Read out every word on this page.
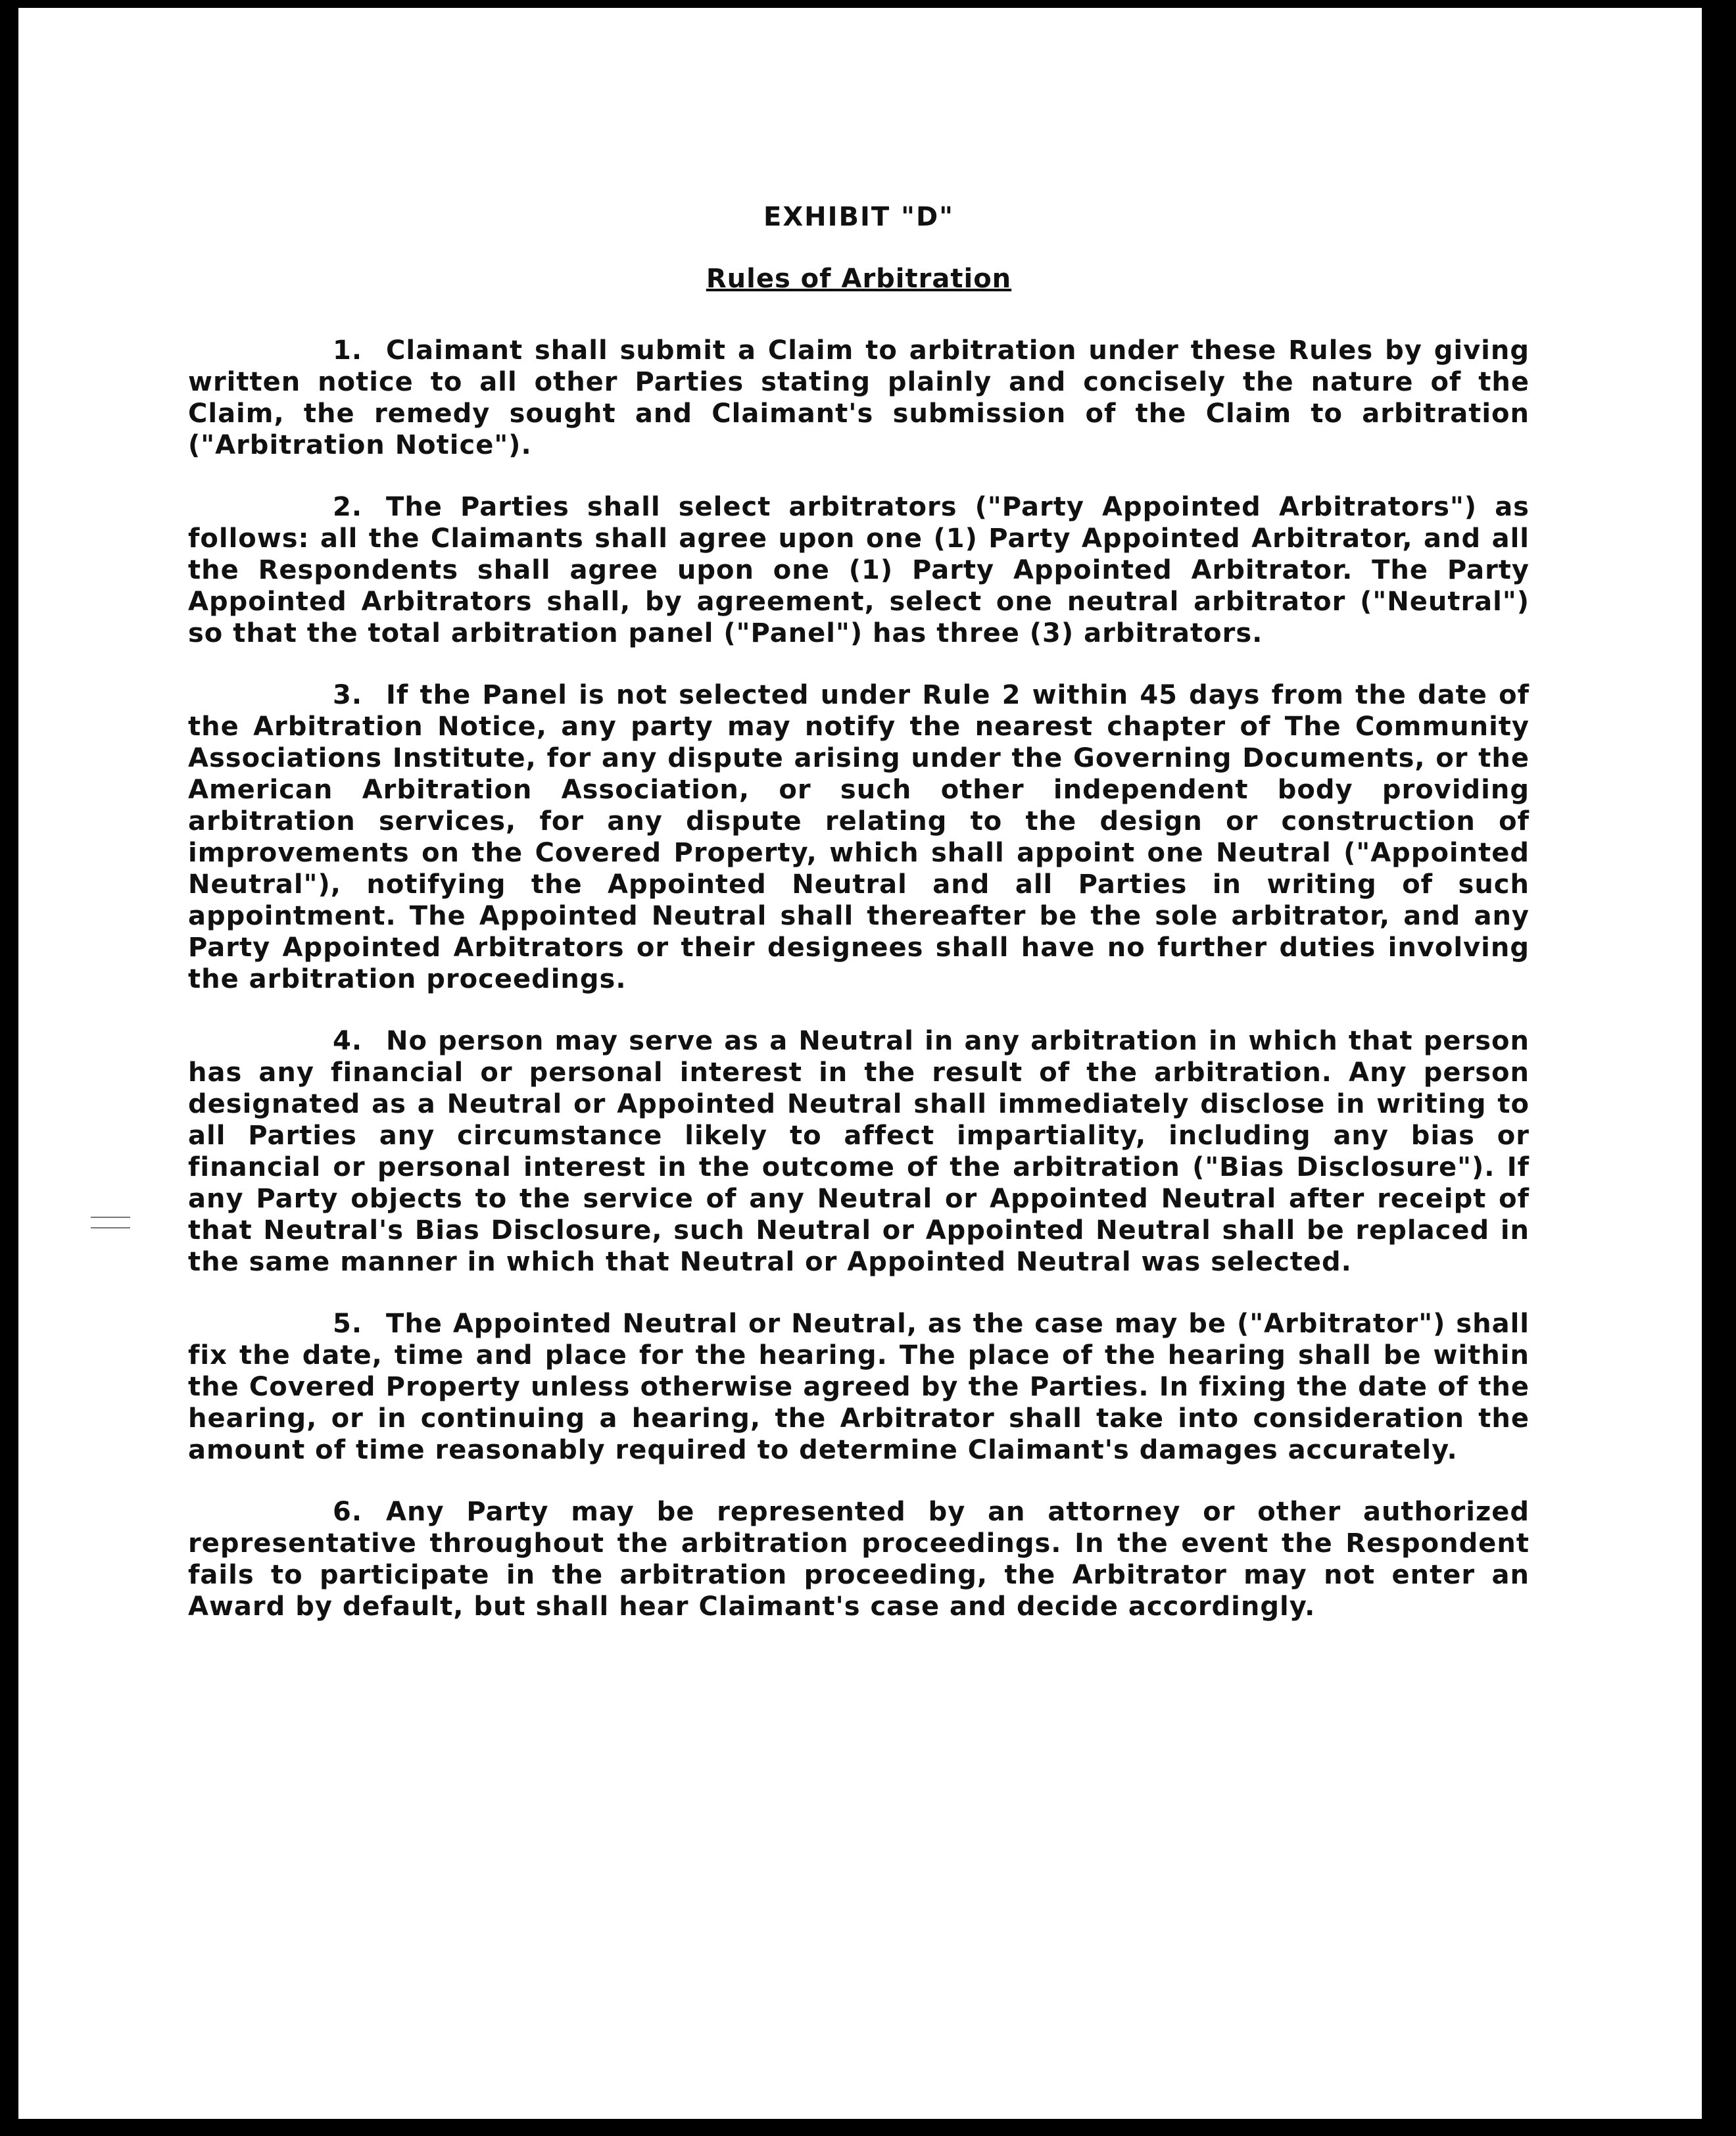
EXHIBIT "D"
Rules of Arbitration

1. Claimant shall submit a Claim to arbitration under these Rules by giving written notice to all other Parties stating plainly and concisely the nature of the Claim, the remedy sought and Claimant's submission of the Claim to arbitration ("Arbitration Notice").

2. The Parties shall select arbitrators ("Party Appointed Arbitrators") as follows: all the Claimants shall agree upon one (1) Party Appointed Arbitrator, and all the Respondents shall agree upon one (1) Party Appointed Arbitrator. The Party Appointed Arbitrators shall, by agreement, select one neutral arbitrator ("Neutral") so that the total arbitration panel ("Panel") has three (3) arbitrators.

3. If the Panel is not selected under Rule 2 within 45 days from the date of the Arbitration Notice, any party may notify the nearest chapter of The Community Associations Institute, for any dispute arising under the Governing Documents, or the American Arbitration Association, or such other independent body providing arbitration services, for any dispute relating to the design or construction of improvements on the Covered Property, which shall appoint one Neutral ("Appointed Neutral"), notifying the Appointed Neutral and all Parties in writing of such appointment. The Appointed Neutral shall thereafter be the sole arbitrator, and any Party Appointed Arbitrators or their designees shall have no further duties involving the arbitration proceedings.

4. No person may serve as a Neutral in any arbitration in which that person has any financial or personal interest in the result of the arbitration. Any person designated as a Neutral or Appointed Neutral shall immediately disclose in writing to all Parties any circumstance likely to affect impartiality, including any bias or financial or personal interest in the outcome of the arbitration ("Bias Disclosure"). If any Party objects to the service of any Neutral or Appointed Neutral after receipt of that Neutral's Bias Disclosure, such Neutral or Appointed Neutral shall be replaced in the same manner in which that Neutral or Appointed Neutral was selected.

5. The Appointed Neutral or Neutral, as the case may be ("Arbitrator") shall fix the date, time and place for the hearing. The place of the hearing shall be within the Covered Property unless otherwise agreed by the Parties. In fixing the date of the hearing, or in continuing a hearing, the Arbitrator shall take into consideration the amount of time reasonably required to determine Claimant's damages accurately.

6. Any Party may be represented by an attorney or other authorized representative throughout the arbitration proceedings. In the event the Respondent fails to participate in the arbitration proceeding, the Arbitrator may not enter an Award by default, but shall hear Claimant's case and decide accordingly.
